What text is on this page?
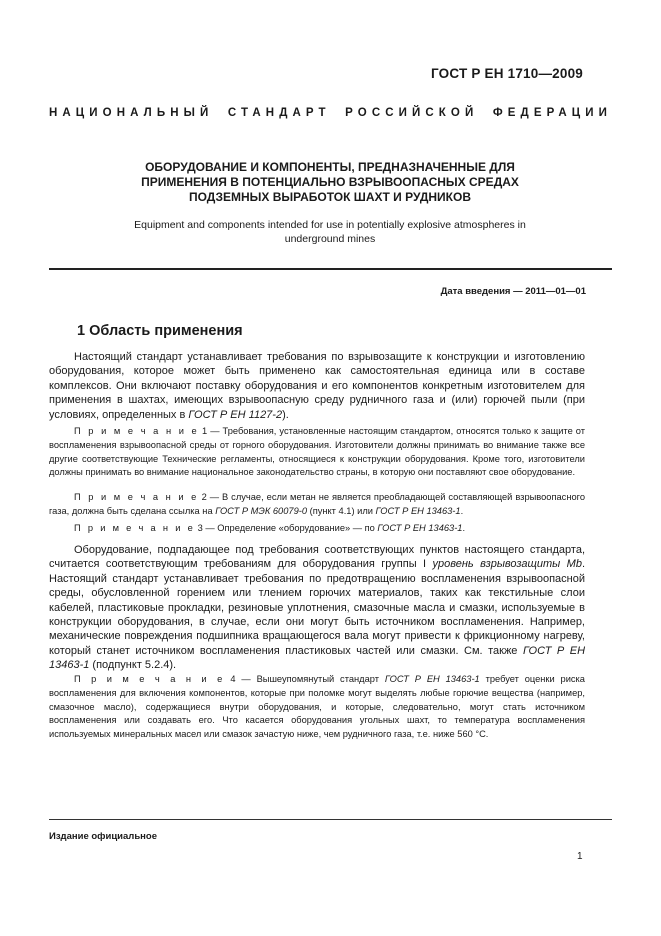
ГОСТ Р ЕН 1710—2009
НАЦИОНАЛЬНЫЙ СТАНДАРТ РОССИЙСКОЙ ФЕДЕРАЦИИ
ОБОРУДОВАНИЕ И КОМПОНЕНТЫ, ПРЕДНАЗНАЧЕННЫЕ ДЛЯ ПРИМЕНЕНИЯ В ПОТЕНЦИАЛЬНО ВЗРЫВООПАСНЫХ СРЕДАХ ПОДЗЕМНЫХ ВЫРАБОТОК ШАХТ И РУДНИКОВ
Equipment and components intended for use in potentially explosive atmospheres in underground mines
Дата введения — 2011—01—01
1 Область применения

Настоящий стандарт устанавливает требования по взрывозащите к конструкции и изготовлению оборудования, которое может быть применено как самостоятельная единица или в составе комплексов. Они включают поставку оборудования и его компонентов конкретным изготовителем для применения в шахтах, имеющих взрывоопасную среду рудничного газа и (или) горючей пыли (при условиях, определенных в ГОСТ Р ЕН 1127-2).

П р и м е ч а н и е 1 — Требования, установленные настоящим стандартом, относятся только к защите от воспламенения взрывоопасной среды от горного оборудования. Изготовители должны принимать во внимание также все другие соответствующие Технические регламенты, относящиеся к конструкции оборудования. Кроме того, изготовители должны принимать во внимание национальное законодательство страны, в которую они поставляют свое оборудование.

П р и м е ч а н и е 2 — В случае, если метан не является преобладающей составляющей взрывоопасного газа, должна быть сделана ссылка на ГОСТ Р МЭК 60079-0 (пункт 4.1) или ГОСТ Р ЕН 13463-1.

П р и м е ч а н и е 3 — Определение «оборудование» — по ГОСТ Р ЕН 13463-1.

Оборудование, подпадающее под требования соответствующих пунктов настоящего стандарта, считается соответствующим требованиям для оборудования группы I уровень взрывозащиты Mb. Настоящий стандарт устанавливает требования по предотвращению воспламенения взрывоопасной среды, обусловленной горением или тлением горючих материалов, таких как текстильные слои кабелей, пластиковые прокладки, резиновые уплотнения, смазочные масла и смазки, используемые в конструкции оборудования, в случае, если они могут быть источником воспламенения. Например, механические повреждения подшипника вращающегося вала могут привести к фрикционному нагреву, который станет источником воспламенения пластиковых частей или смазки. См. также ГОСТ Р ЕН 13463-1 (подпункт 5.2.4).

П р и м е ч а н и е 4 — Вышеупомянутый стандарт ГОСТ Р ЕН 13463-1 требует оценки риска воспламенения для включения компонентов, которые при поломке могут выделять любые горючие вещества (например, смазочное масло), содержащиеся внутри оборудования, и которые, следовательно, могут стать источником воспламенения или создавать его. Что касается оборудования угольных шахт, то температура воспламенения используемых минеральных масел или смазок зачастую ниже, чем рудничного газа, т.е. ниже 560 °С.

Издание официальное
1
